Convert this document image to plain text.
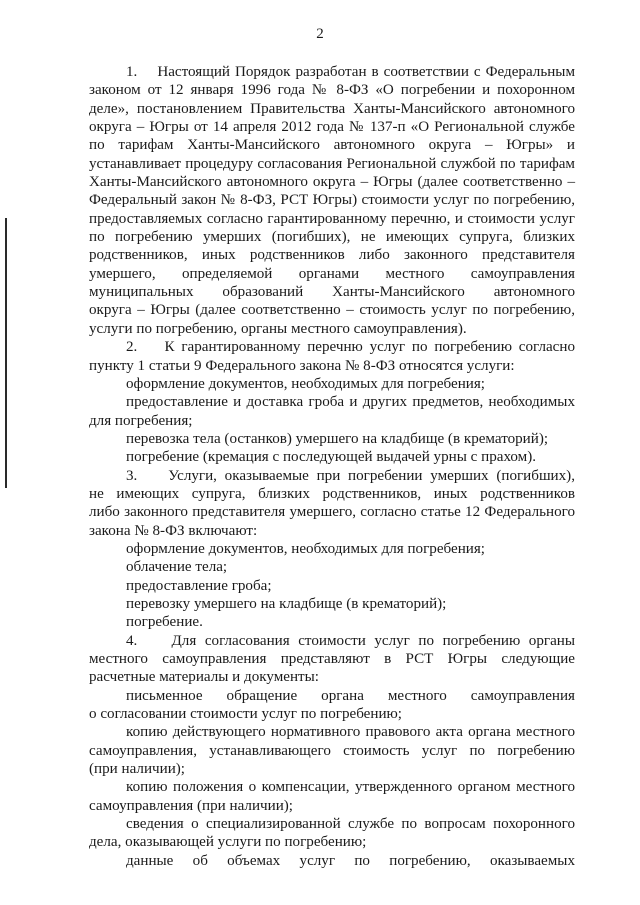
2

1.    Настоящий Порядок разработан в соответствии с Федеральным

законом от 12 января 1996 года № 8-ФЗ «О погребении и похоронном

деле», постановлением Правительства Ханты-Мансийского автономного

округа – Югры от 14 апреля 2012 года № 137-п «О Региональной службе

по тарифам Ханты-Мансийского автономного округа – Югры» и

устанавливает процедуру согласования Региональной службой по тарифам

Ханты-Мансийского автономного округа – Югры (далее соответственно –

Федеральный закон № 8-ФЗ, РСТ Югры) стоимости услуг по погребению,

предоставляемых согласно гарантированному перечню, и стоимости услуг

по погребению умерших (погибших), не имеющих супруга, близких

родственников, иных родственников либо законного представителя

умершего, определяемой органами местного самоуправления

муниципальных образований Ханты-Мансийского автономного

округа – Югры (далее соответственно – стоимость услуг по погребению,

услуги по погребению, органы местного самоуправления).

2.    К гарантированному перечню услуг по погребению согласно

пункту 1 статьи 9 Федерального закона № 8-ФЗ относятся услуги:

оформление документов, необходимых для погребения;

предоставление и доставка гроба и других предметов, необходимых

для погребения;

перевозка тела (останков) умершего на кладбище (в крематорий);

погребение (кремация с последующей выдачей урны с прахом).

3.    Услуги, оказываемые при погребении умерших (погибших),

не имеющих супруга, близких родственников, иных родственников

либо законного представителя умершего, согласно статье 12 Федерального

закона № 8-ФЗ включают:

оформление документов, необходимых для погребения;

облачение тела;

предоставление гроба;

перевозку умершего на кладбище (в крематорий);

погребение.

4.    Для согласования стоимости услуг по погребению органы

местного самоуправления представляют в РСТ Югры следующие

расчетные материалы и документы:

письменное обращение органа местного самоуправления

о согласовании стоимости услуг по погребению;

копию действующего нормативного правового акта органа местного

самоуправления, устанавливающего стоимость услуг по погребению

(при наличии);

копию положения о компенсации, утвержденного органом местного

самоуправления (при наличии);

сведения о специализированной службе по вопросам похоронного

дела, оказывающей услуги по погребению;

данные об объемах услуг по погребению, оказываемых
